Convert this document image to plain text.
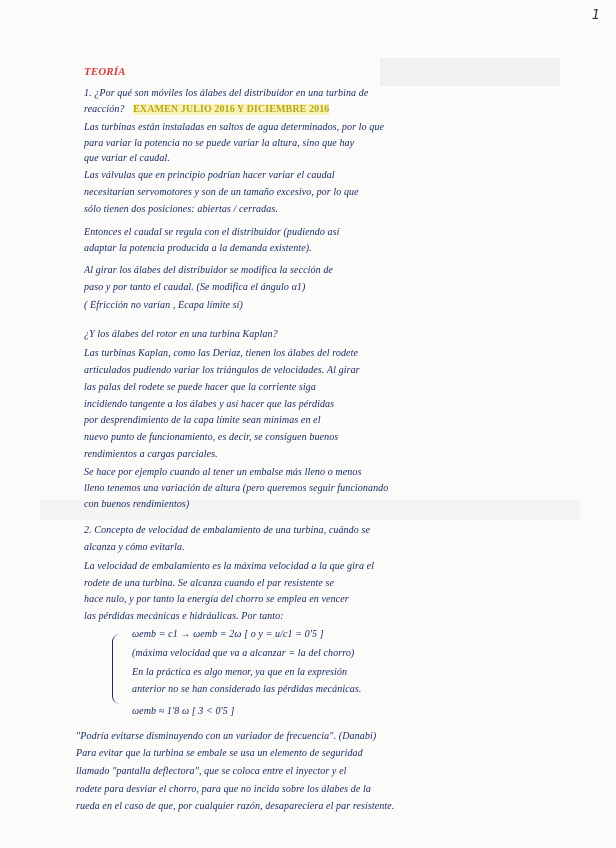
1
TEORÍA
1. ¿Por qué son móviles los álabes del distribuidor en una turbina de
reacción? EXAMEN JULIO 2016 Y DICIEMBRE 2016
Las turbinas están instaladas en saltos de agua determinados, por lo que
para variar la potencia no se puede variar la altura, sino que hay
que variar el caudal.
Las válvulas que en principio podrían hacer variar el caudal
necesitarían servomotores y son de un tamaño excesivo, por lo que
sólo tienen dos posiciones: abiertas / cerradas.
Entonces el caudal se regula con el distribuidor (pudiendo así
adaptar la potencia producida a la demanda existente).
Al girar los álabes del distribuidor se modifica la sección de
paso y por tanto el caudal. (Se modifica el ángulo α1)
( Ēfricción no varían , Ēcapa límite sí)
¿Y los álabes del rotor en una turbina Kaplan?
Las turbinas Kaplan, como las Deriaz, tienen los álabes del rodete
articulados pudiendo variar los triángulos de velocidades. Al girar
las palas del rodete se puede hacer que la corriente siga
incidiendo tangente a los álabes y así hacer que las pérdidas
por desprendimiento de la capa límite sean mínimas en el
nuevo punto de funcionamiento, es decir, se consiguen buenos
rendimientos a cargas parciales.
Se hace por ejemplo cuando al tener un embalse más lleno o menos
lleno tenemos una variación de altura (pero queremos seguir funcionando
con buenos rendimientos)
2. Concepto de velocidad de embalamiento de una turbina, cuándo se
alcanza y cómo evitarla.
La velocidad de embalamiento es la máxima velocidad a la que gira el
rodete de una turbina. Se alcanza cuando el par resistente se
hace nulo, y por tanto la energía del chorro se emplea en vencer
las pérdidas mecánicas e hidráulicas. Por tanto:
ωemb = c1 → ωemb = 2ω [ o y = u/c1 = 0'5 ]
(máxima velocidad que va a alcanzar = la del chorro)
En la práctica es algo menor, ya que en la expresión
anterior no se han considerado las pérdidas mecánicas.
ωemb ≈ 1'8 ω [ 3 < 0'5 ]
"Podría evitarse disminuyendo con un variador de frecuencia". (Danabi)
Para evitar que la turbina se embale se usa un elemento de seguridad
llamado "pantalla deflectora", que se coloca entre el inyector y el
rodete para desviar el chorro, para que no incida sobre los álabes de la
rueda en el caso de que, por cualquier razón, desapareciera el par resistente.
